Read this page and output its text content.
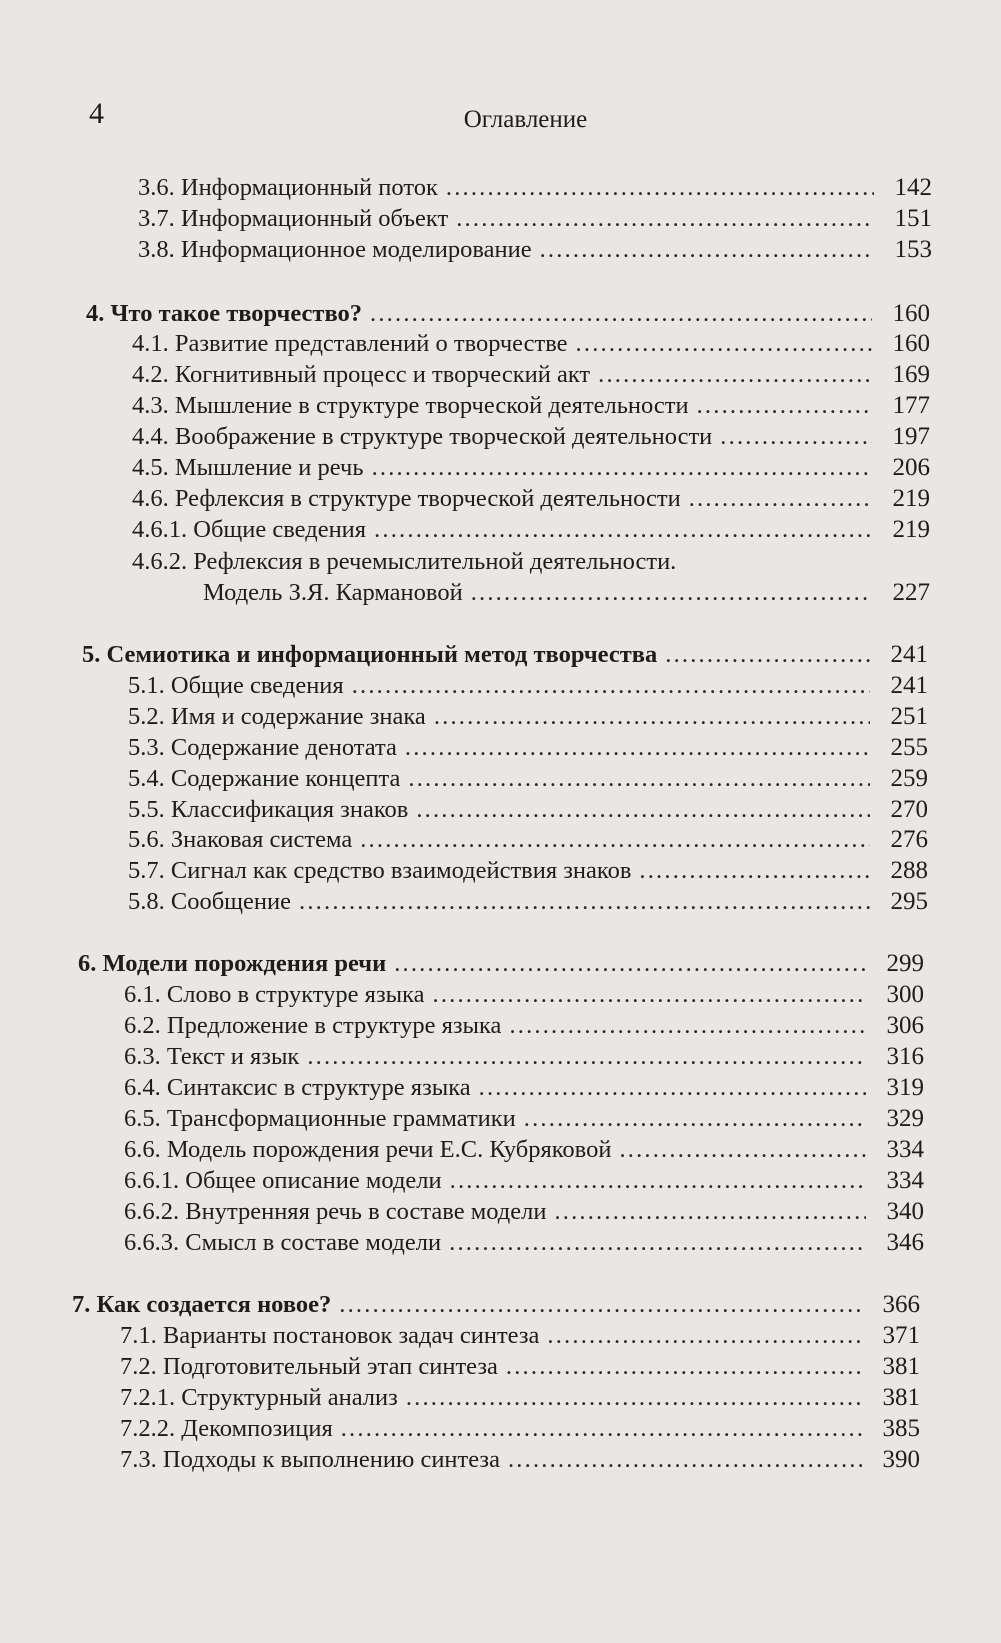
4	Оглавление
3.6. Информационный поток .....	142
3.7. Информационный объект .....	151
3.8. Информационное моделирование .....	153
4. Что такое творчество? .....	160
4.1. Развитие представлений о творчестве .....	160
4.2. Когнитивный процесс и творческий акт .....	169
4.3. Мышление в структуре творческой деятельности .....	177
4.4. Воображение в структуре творческой деятельности .....	197
4.5. Мышление и речь .....	206
4.6. Рефлексия в структуре творческой деятельности .....	219
4.6.1. Общие сведения .....	219
4.6.2. Рефлексия в речемыслительной деятельности.
Модель З.Я. Кармановой .....	227
5. Семиотика и информационный метод творчества .....	241
5.1. Общие сведения .....	241
5.2. Имя и содержание знака .....	251
5.3. Содержание денотата .....	255
5.4. Содержание концепта .....	259
5.5. Классификация знаков .....	270
5.6. Знаковая система .....	276
5.7. Сигнал как средство взаимодействия знаков .....	288
5.8. Сообщение .....	295
6. Модели порождения речи .....	299
6.1. Слово в структуре языка .....	300
6.2. Предложение в структуре языка .....	306
6.3. Текст и язык .....	316
6.4. Синтаксис в структуре языка .....	319
6.5. Трансформационные грамматики .....	329
6.6. Модель порождения речи Е.С. Кубряковой .....	334
6.6.1. Общее описание модели .....	334
6.6.2. Внутренняя речь в составе модели .....	340
6.6.3. Смысл в составе модели .....	346
7. Как создается новое? .....	366
7.1. Варианты постановок задач синтеза .....	371
7.2. Подготовительный этап синтеза .....	381
7.2.1. Структурный анализ .....	381
7.2.2. Декомпозиция .....	385
7.3. Подходы к выполнению синтеза .....	390
